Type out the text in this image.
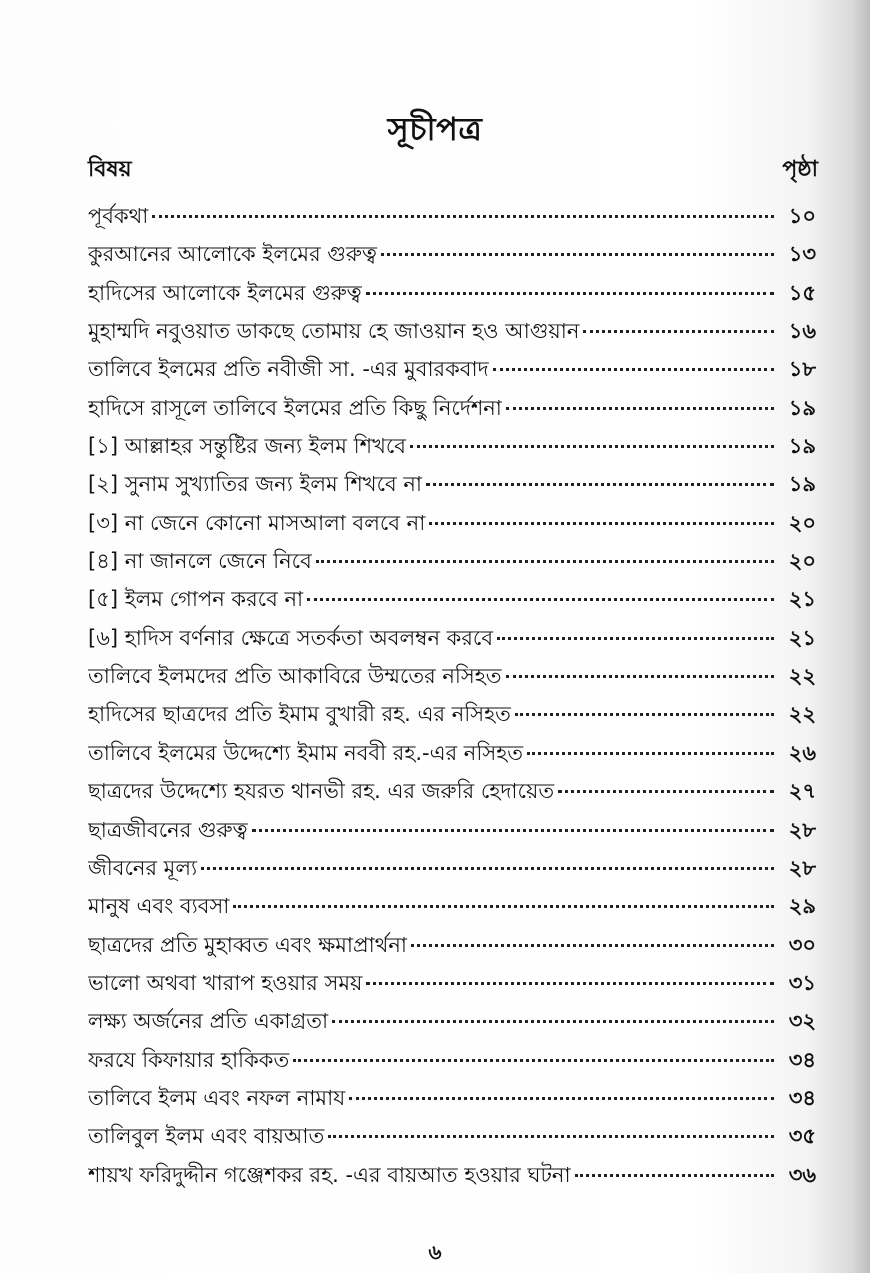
সূচীপত্র
বিষয়	পৃষ্ঠা
পূর্বকথা	১০
কুরআনের আলোকে ইলমের গুরুত্ব	১৩
হাদিসের আলোকে ইলমের গুরুত্ব	১৫
মুহাম্মদি নবুওয়াত ডাকছে তোমায় হে জাওয়ান হও আগুয়ান	১৬
তালিবে ইলমের প্রতি নবীজী সা. -এর মুবারকবাদ	১৮
হাদিসে রাসূলে তালিবে ইলমের প্রতি কিছু নির্দেশনা	১৯
[১] আল্লাহর সন্তুষ্টির জন্য ইলম শিখবে	১৯
[২] সুনাম সুখ্যাতির জন্য ইলম শিখবে না	১৯
[৩] না জেনে কোনো মাসআলা বলবে না	২০
[৪] না জানলে জেনে নিবে	২০
[৫] ইলম গোপন করবে না	২১
[৬] হাদিস বর্ণনার ক্ষেত্রে সতর্কতা অবলম্বন করবে	২১
তালিবে ইলমদের প্রতি আকাবিরে উম্মতের নসিহত	২২
হাদিসের ছাত্রদের প্রতি ইমাম বুখারী রহ. এর নসিহত	২২
তালিবে ইলমের উদ্দেশ্যে ইমাম নববী রহ.-এর নসিহত	২৬
ছাত্রদের উদ্দেশ্যে হযরত থানভী রহ. এর জরুরি হেদায়েত	২৭
ছাত্রজীবনের গুরুত্ব	২৮
জীবনের মূল্য	২৮
মানুষ এবং ব্যবসা	২৯
ছাত্রদের প্রতি মুহাব্বত এবং ক্ষমাপ্রার্থনা	৩০
ভালো অথবা খারাপ হওয়ার সময়	৩১
লক্ষ্য অর্জনের প্রতি একাগ্রতা	৩২
ফরযে কিফায়ার হাকিকত	৩৪
তালিবে ইলম এবং নফল নামায	৩৪
তালিবুল ইলম এবং বায়আত	৩৫
শায়খ ফরিদুদ্দীন গঞ্জেশকর রহ. -এর বায়আত হওয়ার ঘটনা	৩৬
৬
